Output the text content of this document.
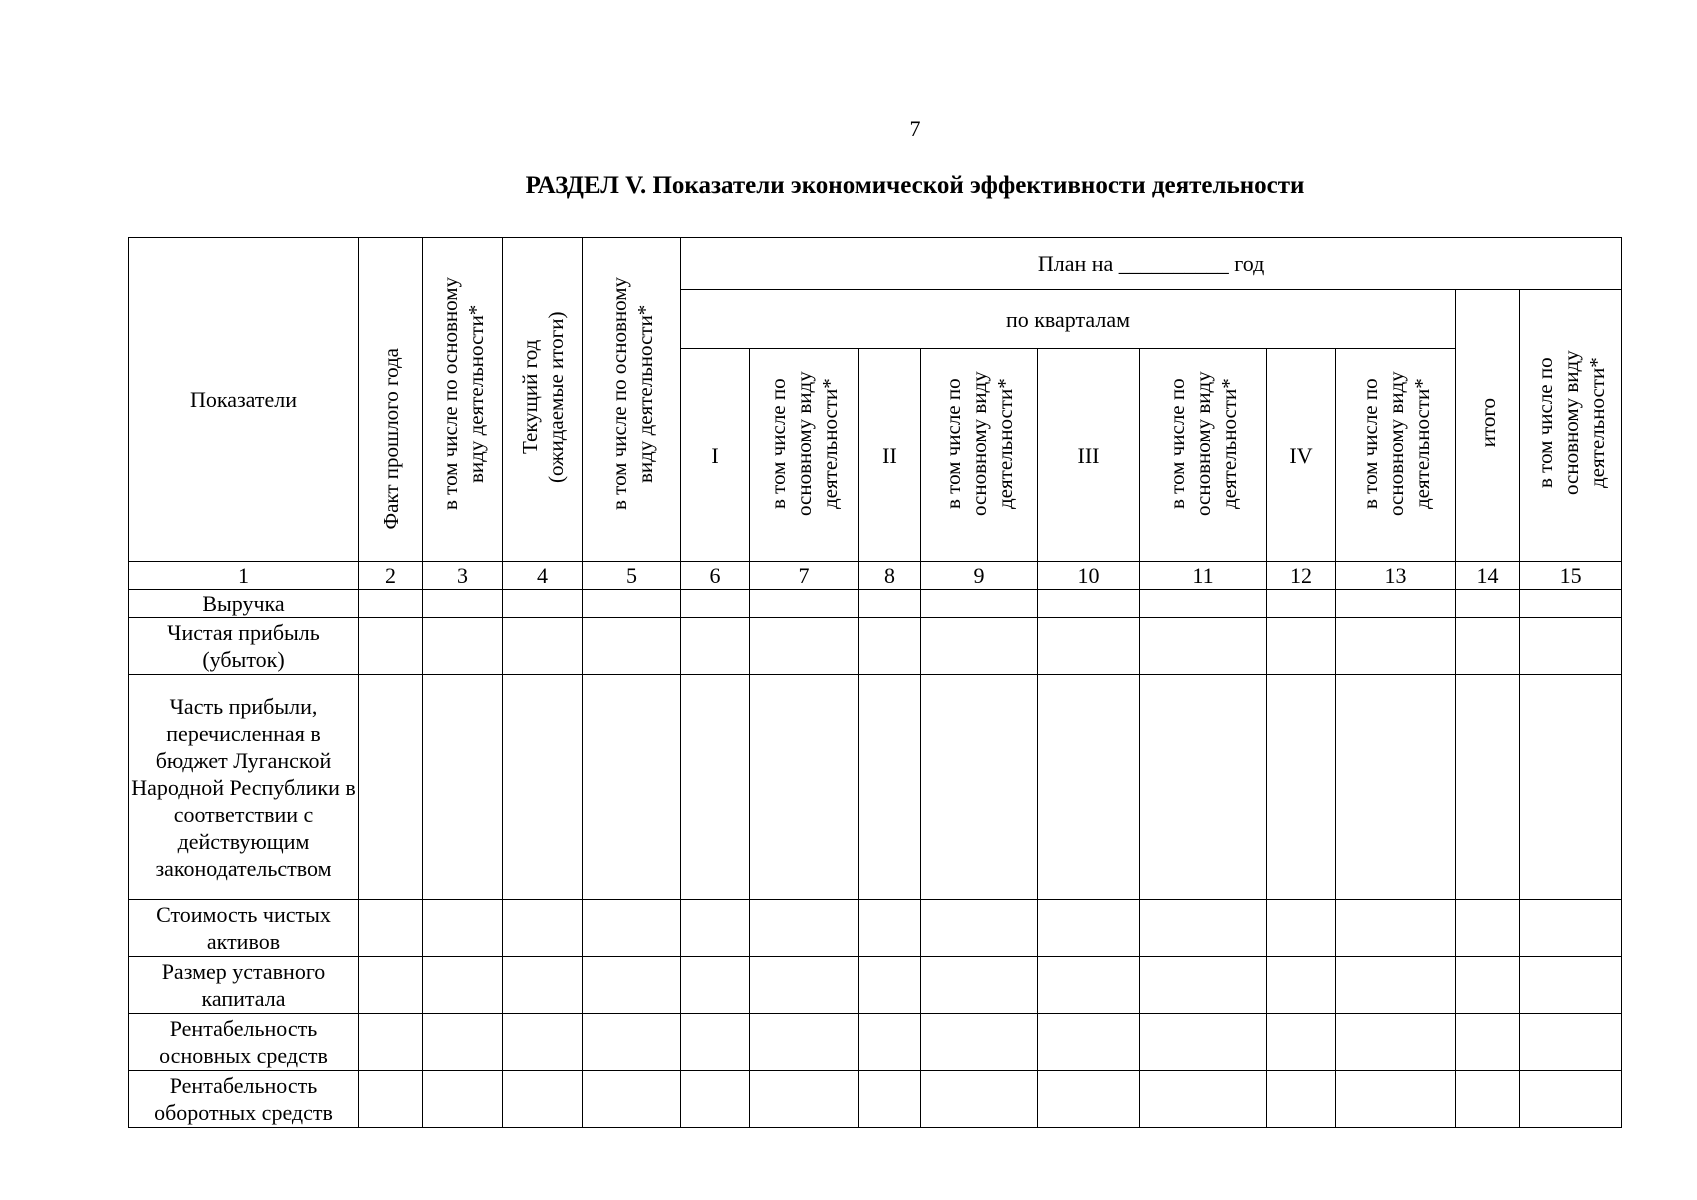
7
РАЗДЕЛ V. Показатели экономической эффективности деятельности
Показатели	Факт прошлого года	в том числе по основному виду деятельности*	Текущий год (ожидаемые итоги)	в том числе по основному виду деятельности*	План на __________ год									
					по кварталам								итого	в том числе по основному виду деятельности*
					I	в том числе по основному виду деятельности*	II	в том числе по основному виду деятельности*	III	в том числе по основному виду деятельности*	IV	в том числе по основному виду деятельности*		
1	2	3	4	5	6	7	8	9	10	11	12	13	14	15
Выручка														
Чистая прибыль (убыток)														
Часть прибыли, перечисленная в бюджет Луганской Народной Республики в соответствии с действующим законодательством														
Стоимость чистых активов														
Размер уставного капитала														
Рентабельность основных средств														
Рентабельность оборотных средств														
